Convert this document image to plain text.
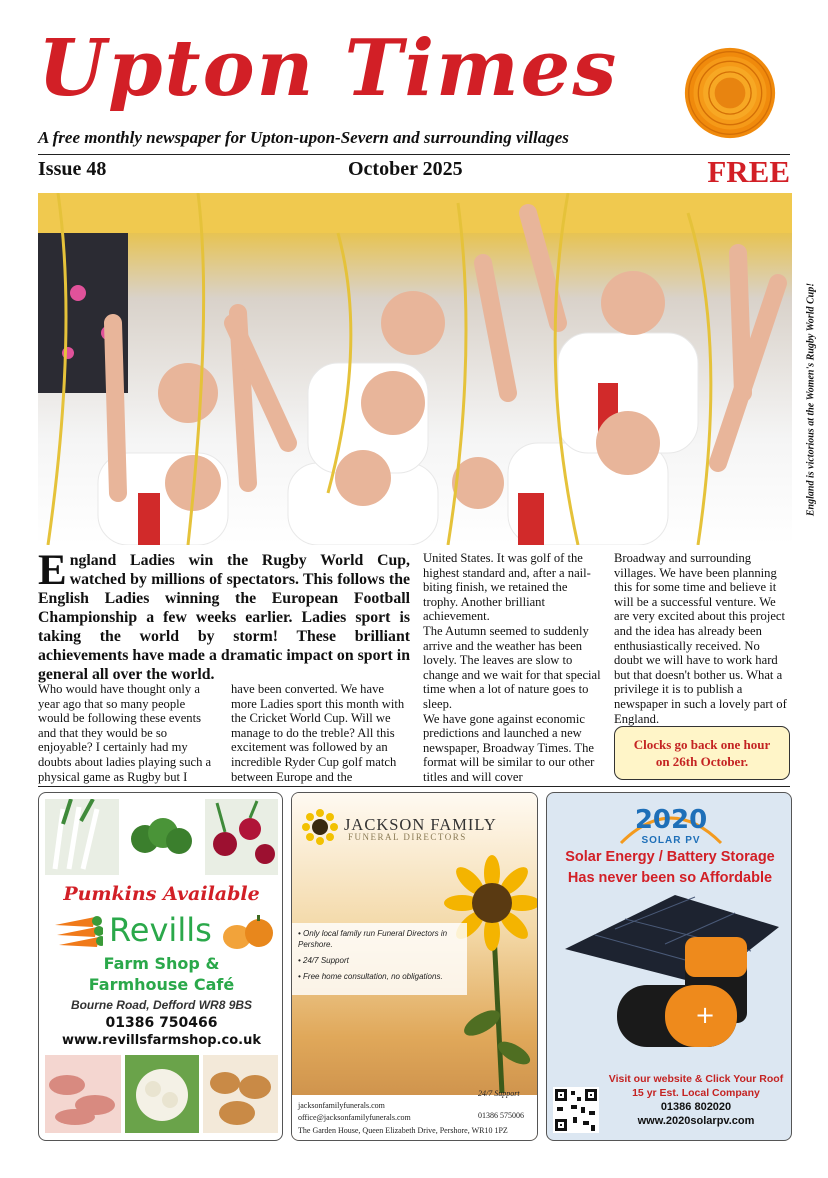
Upton Times
A free monthly newspaper for Upton-upon-Severn and surrounding villages
Issue 48	October 2025	FREE
England is victorious at the Women's Rugby World Cup!
England Ladies win the Rugby World Cup, watched by millions of spectators. This follows the English Ladies winning the European Football Championship a few weeks earlier. Ladies sport is taking the world by storm! These brilliant achievements have made a dramatic impact on sport in general all over the world.
Who would have thought only a year ago that so many people would be following these events and that they would be so enjoyable? I certainly had my doubts about ladies playing such a physical game as Rugby but I
have been converted. We have more Ladies sport this month with the Cricket World Cup. Will we manage to do the treble? All this excitement was followed by an incredible Ryder Cup golf match between Europe and the
United States. It was golf of the highest standard and, after a nail-biting finish, we retained the trophy. Another brilliant achievement.
The Autumn seemed to suddenly arrive and the weather has been lovely. The leaves are slow to change and we wait for that special time when a lot of nature goes to sleep.
We have gone against economic predictions and launched a new newspaper, Broadway Times. The format will be similar to our other titles and will cover
Broadway and surrounding villages. We have been planning this for some time and believe it will be a successful venture. We are very excited about this project and the idea has already been enthusiastically received. No doubt we will have to work hard but that doesn't bother us. What a privilege it is to publish a newspaper in such a lovely part of England.
Clocks go back one hour
on 26th October.
Pumkins Available
Revills
Farm Shop &
Farmhouse Café
Bourne Road, Defford WR8 9BS
01386 750466
www.revillsfarmshop.co.uk
JACKSON FAMILY
FUNERAL DIRECTORS
• Only local family run Funeral Directors in Pershore.
• 24/7 Support
• Free home consultation, no obligations.
jacksonfamilyfunerals.com
office@jacksonfamilyfunerals.com
The Garden House, Queen Elizabeth Drive, Pershore, WR10 1PZ
24/7 Support
01386 575006
2020
SOLAR PV
Solar Energy / Battery Storage
Has never been so Affordable
+
Visit our website & Click Your Roof
15 yr Est. Local Company
01386 802020
www.2020solarpv.com
